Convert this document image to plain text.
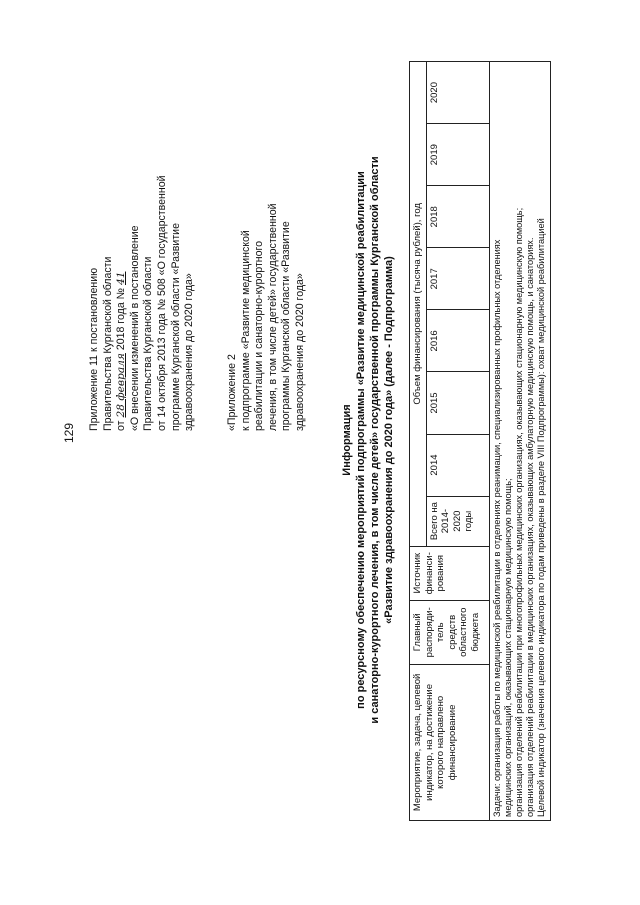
129
Приложение 11 к постановлению Правительства Курганской области от 28 февраля 2018 года № 41 «О внесении изменений в постановление Правительства Курганской области от 14 октября 2013 года № 508 «О государственной программе Курганской области «Развитие здравоохранения до 2020 года»	«Приложение 2 к подпрограмме «Развитие медицинской реабилитации и санаторно-курортного лечения, в том числе детей» государственной программы Курганской области «Развитие здравоохранения до 2020 года»
Информация по ресурсному обеспечению мероприятий подпрограммы «Развитие медицинской реабилитации и санаторно-курортного лечения, в том числе детей» государственной программы Курганской области «Развитие здравоохранения до 2020 года» (далее - Подпрограмма)
Мероприятие, задача, целевой индикатор, на достижение которого направлено финансирование	Главный распоряди-тель средств областного бюджета	Источник финанси-рования	Объем финансирования (тысяча рублей), год							
			Всего на 2014-2020 годы	2014	2015	2016	2017	2018	2019	2020

Задачи: организация работы по медицинской реабилитации в отделениях реанимации, специализированных профильных отделениях медицинских организаций, оказывающих стационарную медицинскую помощь; организация отделений реабилитации при многопрофильных медицинских организациях, оказывающих стационарную медицинскую помощь; организация отделений реабилитации в медицинских организациях, оказывающих амбулаторную медицинскую помощь, и санаториях. Целевой индикатор (значения целевого индикатора по годам приведены в разделе VIII Подпрограммы): охват медицинской реабилитацией										
